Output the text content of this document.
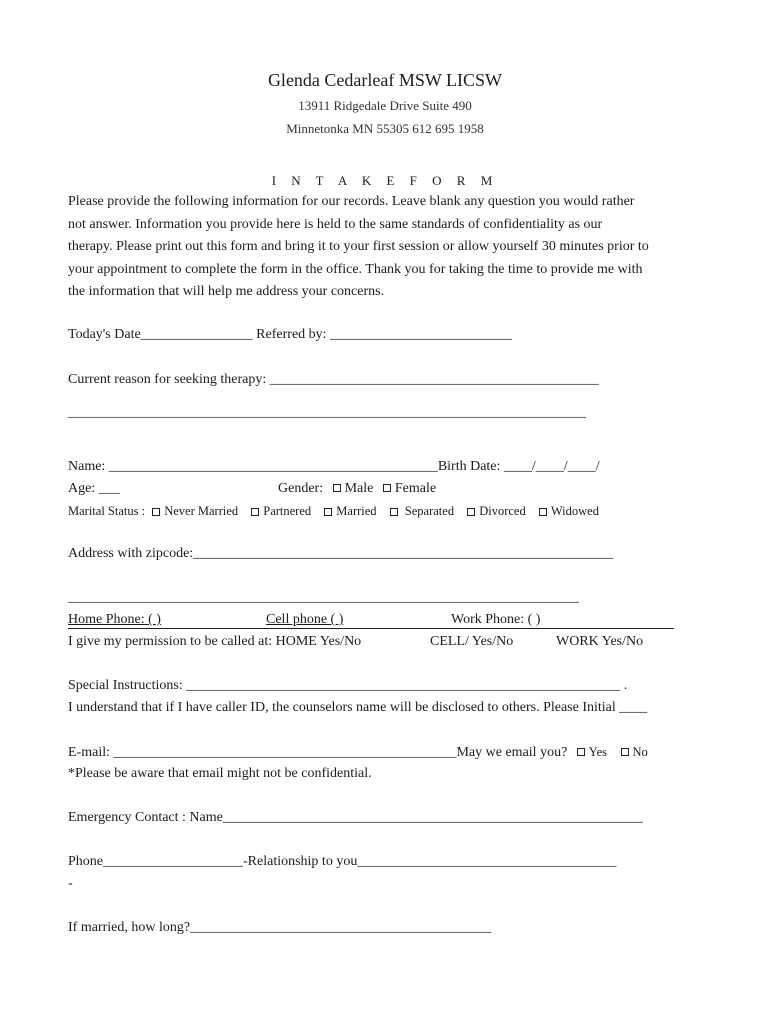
Glenda Cedarleaf MSW LICSW
13911 Ridgedale Drive Suite 490
Minnetonka MN 55305 612 695 1958
I N T A K E F O R M
Please provide the following information for our records. Leave blank any question you would rather
not answer. Information you provide here is held to the same standards of confidentiality as our
therapy. Please print out this form and bring it to your first session or allow yourself 30 minutes prior to
your appointment to complete the form in the office. Thank you for taking the time to provide me with
the information that will help me address your concerns.
Today's Date________________ Referred by: __________________________
Current reason for seeking therapy: _______________________________________________
__________________________________________________________________________
Name: _______________________________________________Birth Date: ____/____/____/
Age: ___	Gender: Male Female
Marital Status : Never Married Partnered Married  Separated Divorced Widowed
Address with zipcode:____________________________________________________________
_________________________________________________________________________
Home Phone: ( )	Cell phone ( )	Work Phone: ( )
I give my permission to be called at: HOME Yes/No	CELL/ Yes/No	WORK Yes/No
Special Instructions: ______________________________________________________________ .
I understand that if I have caller ID, the counselors name will be disclosed to others. Please Initial ____
E-mail: _________________________________________________May we email you? Yes No
*Please be aware that email might not be confidential.
Emergency Contact : Name____________________________________________________________
Phone____________________-Relationship to you_____________________________________
-
If married, how long?___________________________________________
